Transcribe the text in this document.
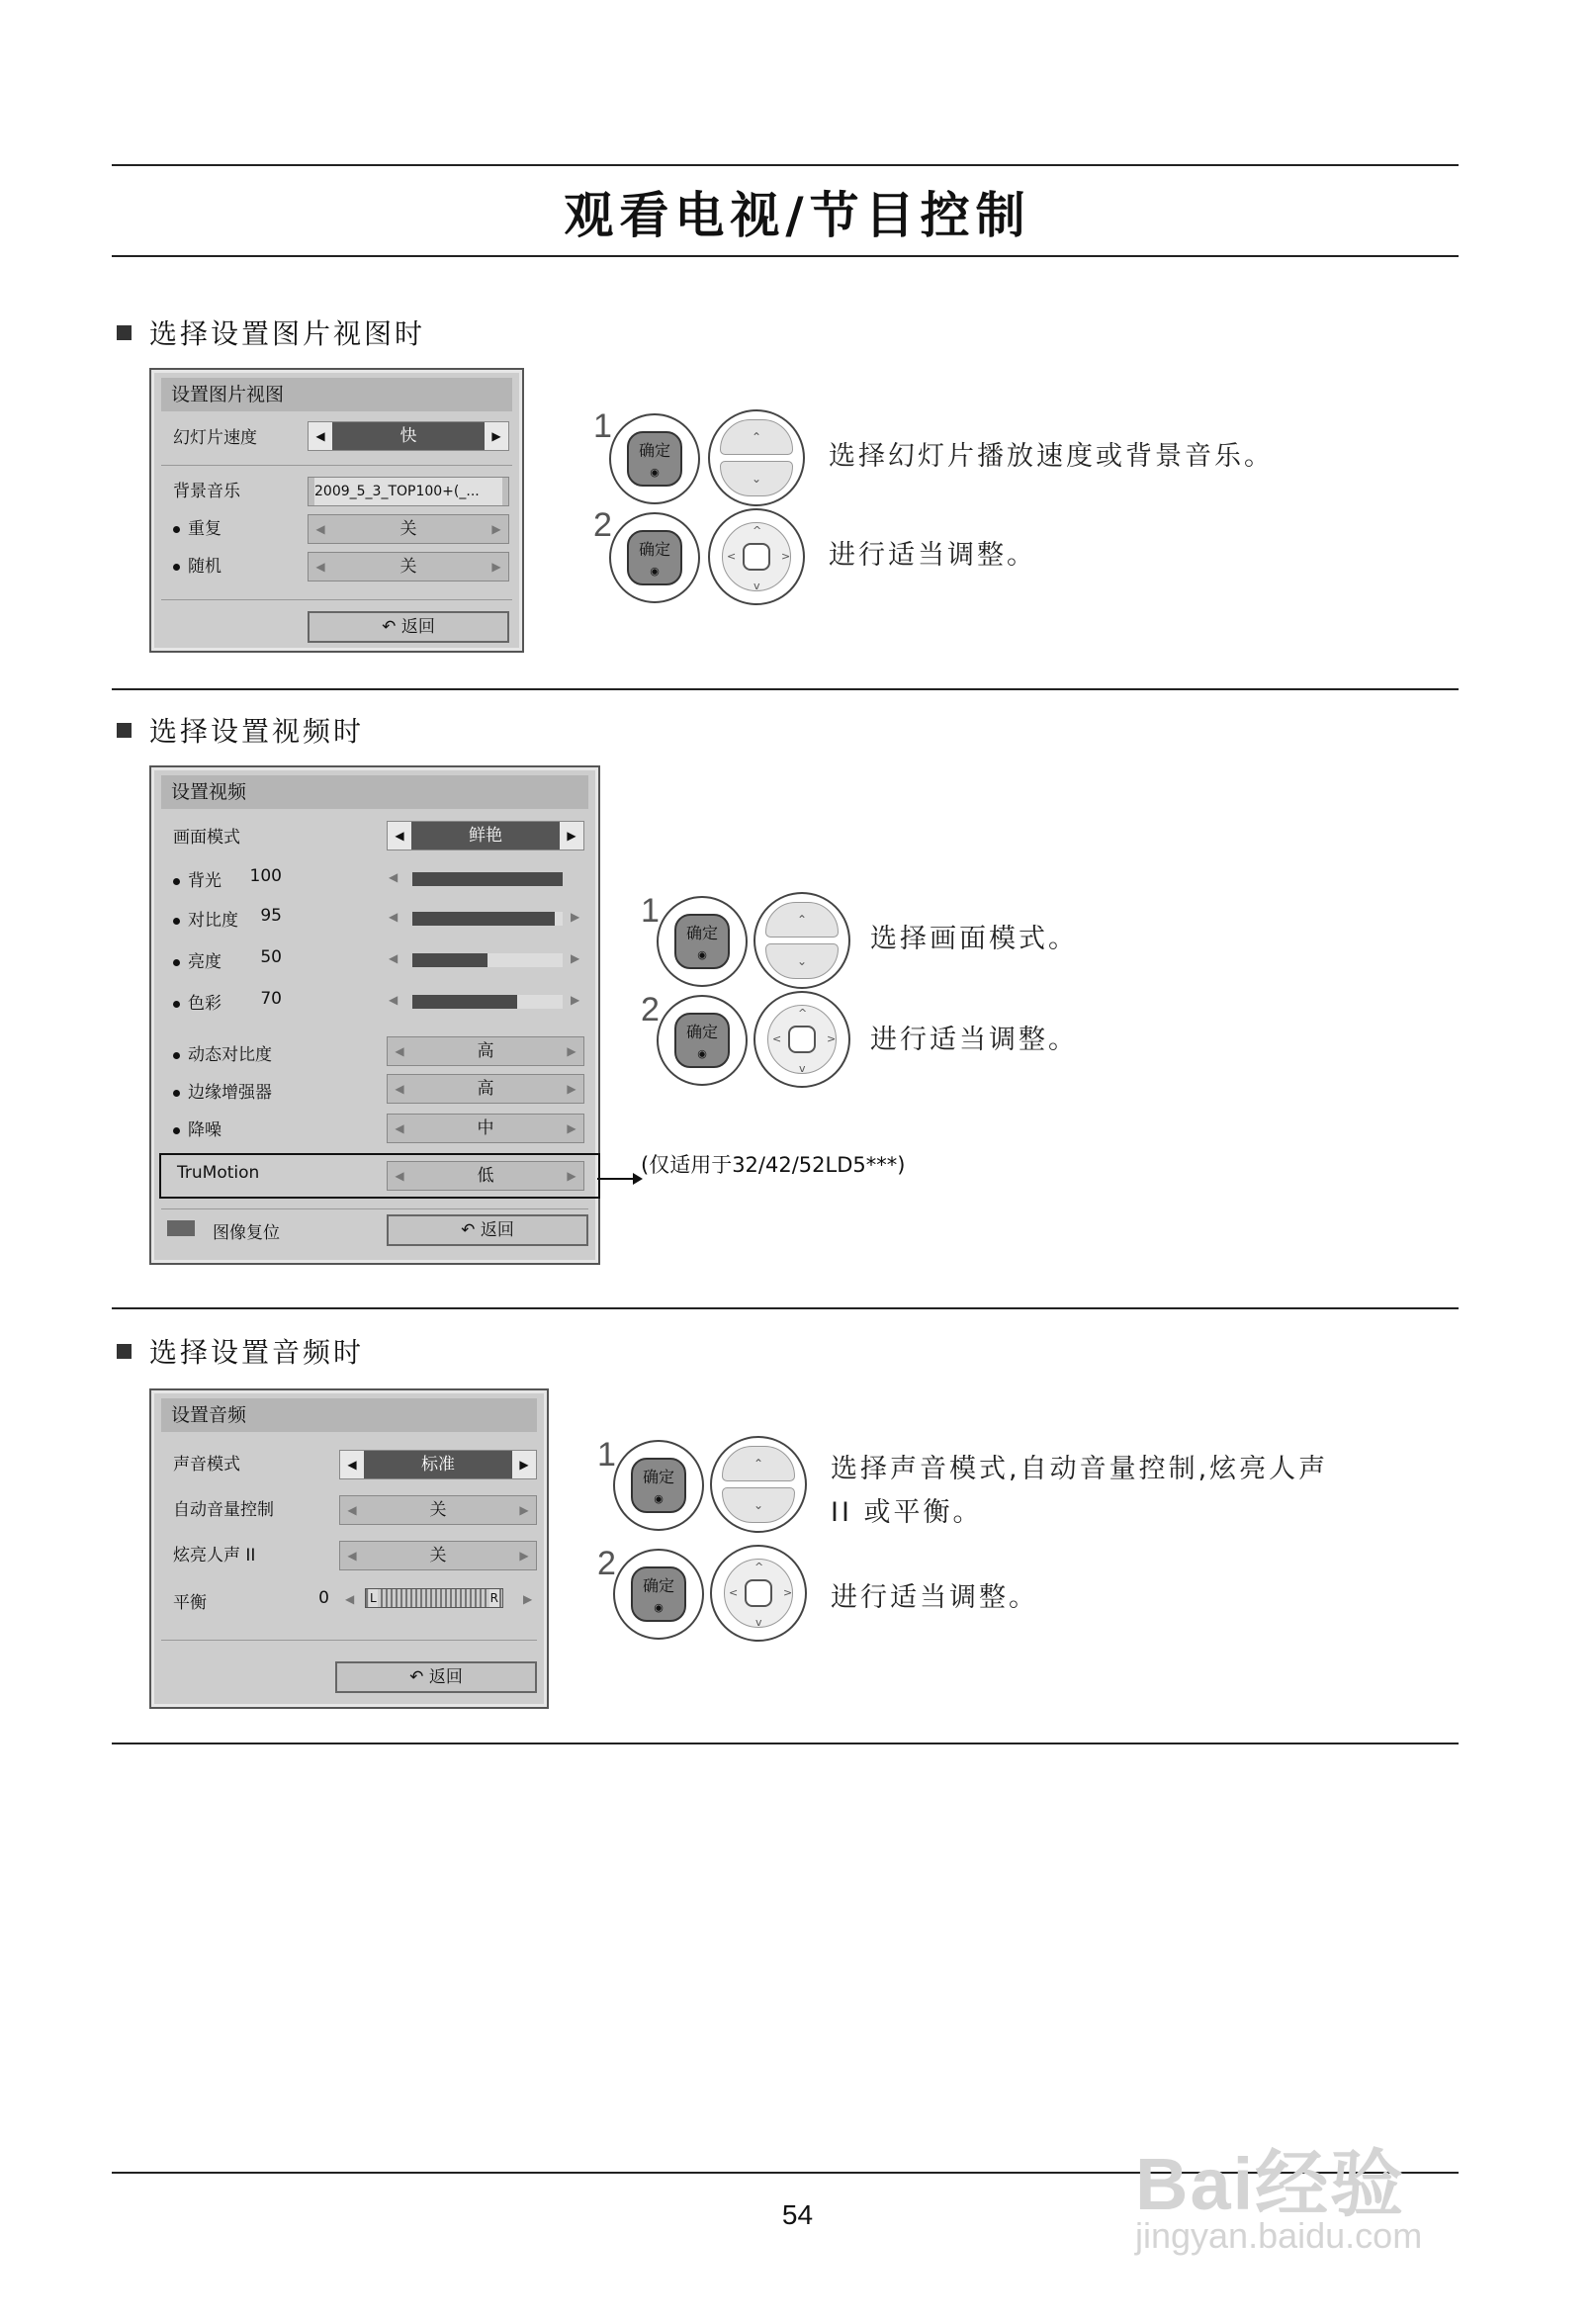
观看电视/节目控制
选择设置图片视图时
设置图片视图
幻灯片速度	◀	快	▶
背景音乐	2009_5_3_TOP100+(_...
重复	◀	关	▶
随机	◀	关	▶
↶ 返回
1
确定
◉
⌃
⌄
选择幻灯片播放速度或背景音乐。
2
确定
◉
^
v
<	> 进行适当调整。
选择设置视频时
设置视频
画面模式	◀	鲜艳	▶
背光	100	◀
对比度	95	◀	▶
亮度	50	◀	▶
色彩	70	◀	▶
动态对比度	◀	高	▶
边缘增强器	◀	高	▶
降噪	◀	中	▶
TruMotion	◀	低	▶
图像复位	↶ 返回
(仅适用于32/42/52LD5***)
1
确定
◉
⌃
⌄
选择画面模式。
2
确定
◉
^
v
<	> 进行适当调整。
选择设置音频时
设置音频
声音模式	◀	标准	▶
自动音量控制	◀	关	▶
炫亮人声 II	◀	关	▶
平衡	0 ◀ L	R ▶
↶ 返回
1
确定
◉
⌃
⌄
选择声音模式,自动音量控制,炫亮人声 II 或平衡。
2
确定
◉
^
v
<	> 进行适当调整。
54	Bai经验
jingyan.baidu.com
